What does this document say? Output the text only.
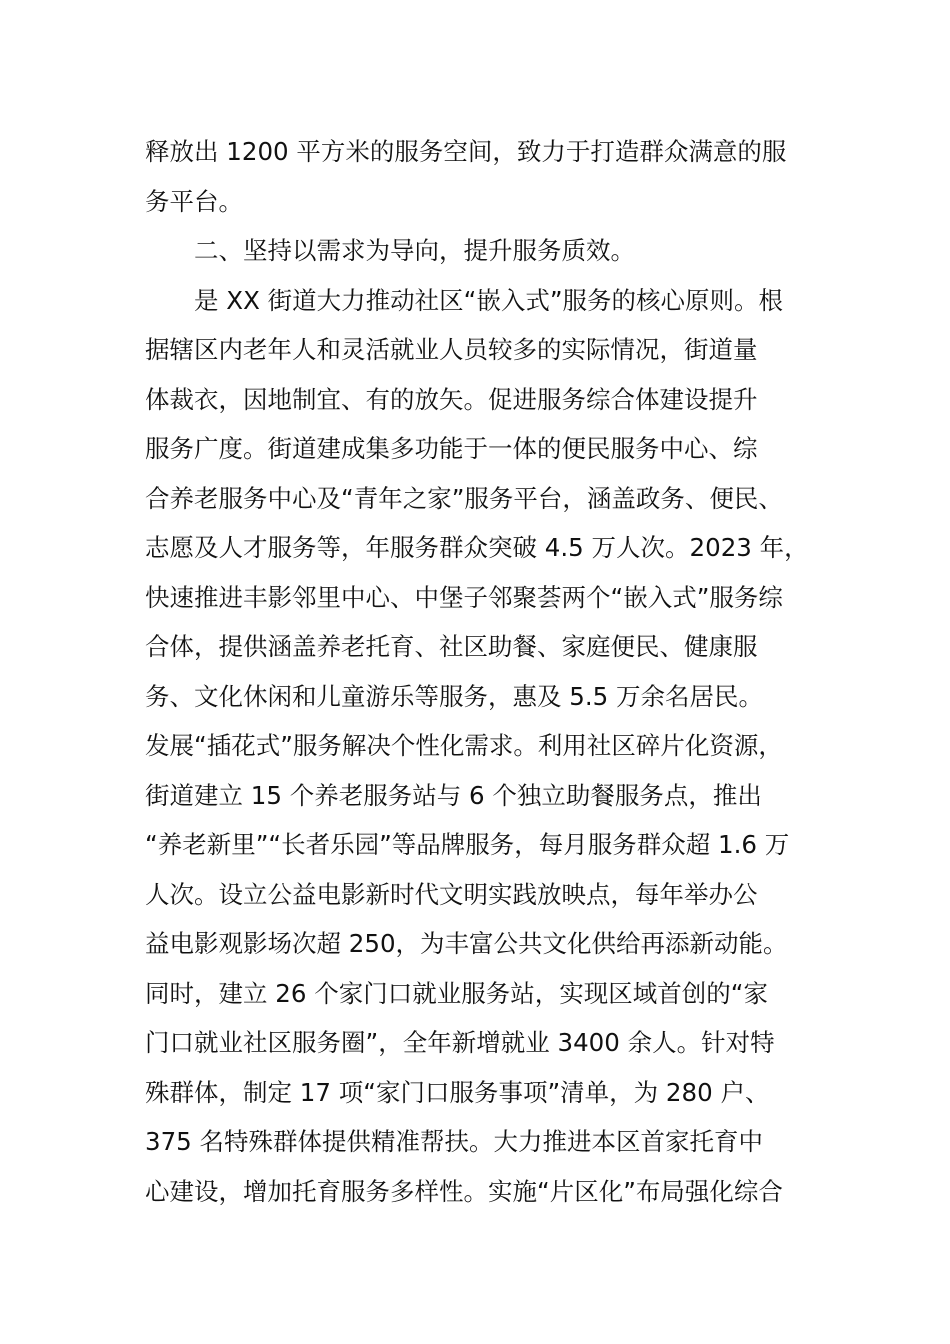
释放出 1200 平方米的服务空间，致力于打造群众满意的服
务平台。
　　二、坚持以需求为导向，提升服务质效。
　　是 XX 街道大力推动社区“嵌入式”服务的核心原则。根
据辖区内老年人和灵活就业人员较多的实际情况，街道量
体裁衣，因地制宜、有的放矢。促进服务综合体建设提升
服务广度。街道建成集多功能于一体的便民服务中心、综
合养老服务中心及“青年之家”服务平台，涵盖政务、便民、
志愿及人才服务等，年服务群众突破 4.5 万人次。2023 年，
快速推进丰影邻里中心、中堡子邻聚荟两个“嵌入式”服务综
合体，提供涵盖养老托育、社区助餐、家庭便民、健康服
务、文化休闲和儿童游乐等服务，惠及 5.5 万余名居民。
发展“插花式”服务解决个性化需求。利用社区碎片化资源，
街道建立 15 个养老服务站与 6 个独立助餐服务点，推出
“养老新里”“长者乐园”等品牌服务，每月服务群众超 1.6 万
人次。设立公益电影新时代文明实践放映点，每年举办公
益电影观影场次超 250，为丰富公共文化供给再添新动能。
同时，建立 26 个家门口就业服务站，实现区域首创的“家
门口就业社区服务圈”，全年新增就业 3400 余人。针对特
殊群体，制定 17 项“家门口服务事项”清单，为 280 户、
375 名特殊群体提供精准帮扶。大力推进本区首家托育中
心建设，增加托育服务多样性。实施“片区化”布局强化综合
